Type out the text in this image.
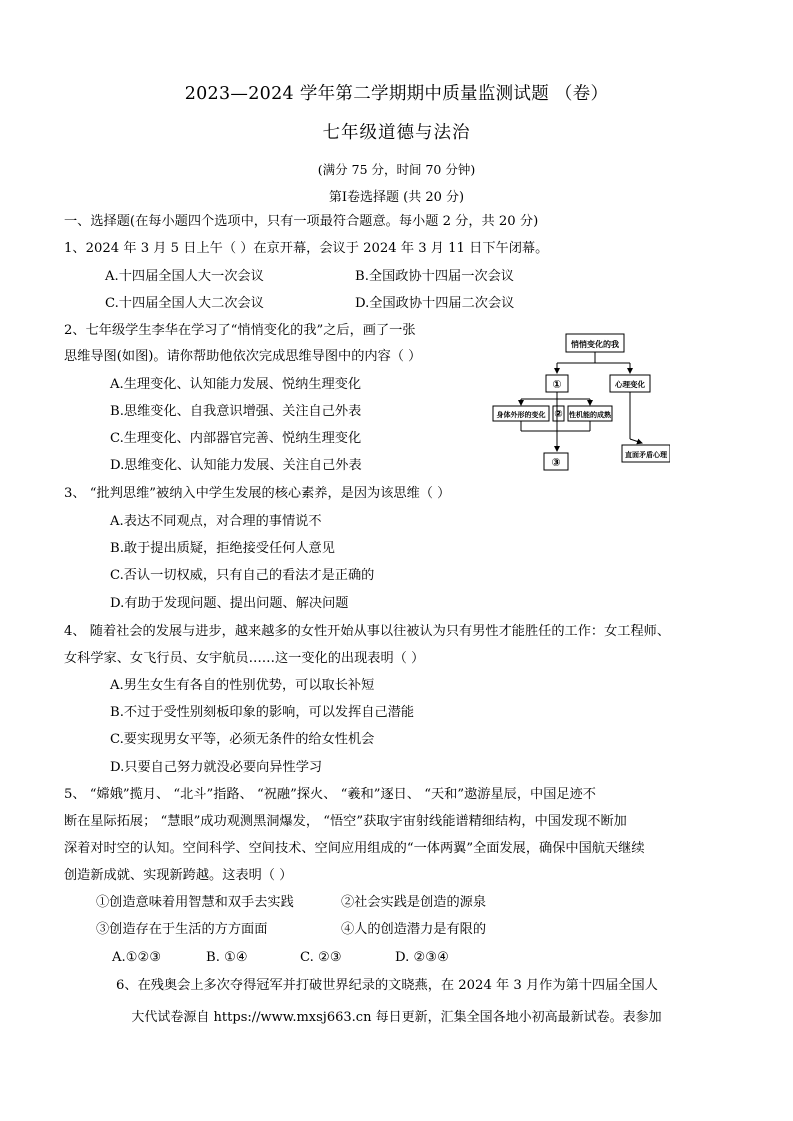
2023—2024 学年第二学期期中质量监测试题 （卷）
七年级道德与法治
(满分 75 分，时间 70 分钟)
第Ⅰ卷选择题 (共 20 分)
一、选择题(在每小题四个选项中，只有一项最符合题意。每小题 2 分，共 20 分)
1、2024 年 3 月 5 日上午（ ）在京开幕，会议于 2024 年 3 月 11 日下午闭幕。
A.十四届全国人大一次会议	B.全国政协十四届一次会议
C.十四届全国人大二次会议	D.全国政协十四届二次会议
2、七年级学生李华在学习了“悄悄变化的我”之后，画了一张
思维导图(如图)。请你帮助他依次完成思维导图中的内容（ ）
A.生理变化、认知能力发展、悦纳生理变化
B.思维变化、自我意识增强、关注自己外表
C.生理变化、内部器官完善、悦纳生理变化
D.思维变化、认知能力发展、关注自己外表
悄悄变化的我
①	心理变化
身体外形的变化 ② 性机能的成熟
③
直面矛盾心理
3、 “批判思维”被纳入中学生发展的核心素养，是因为该思维（ ）
A.表达不同观点，对合理的事情说不
B.敢于提出质疑，拒绝接受任何人意见
C.否认一切权威，只有自己的看法才是正确的
D.有助于发现问题、提出问题、解决问题
4、 随着社会的发展与进步，越来越多的女性开始从事以往被认为只有男性才能胜任的工作：女工程师、
女科学家、女飞行员、女宇航员……这一变化的出现表明（ ）
A.男生女生有各自的性别优势，可以取长补短
B.不过于受性别刻板印象的影响，可以发挥自己潜能
C.要实现男女平等，必须无条件的给女性机会
D.只要自己努力就没必要向异性学习
5、 “嫦娥”揽月、 “北斗”指路、 “祝融”探火、 “羲和”逐日、 “天和”遨游星辰，中国足迹不
断在星际拓展； “慧眼”成功观测黑洞爆发， “悟空”获取宇宙射线能谱精细结构，中国发现不断加
深着对时空的认知。空间科学、空间技术、空间应用组成的“一体两翼”全面发展，确保中国航天继续
创造新成就、实现新跨越。这表明（ ）
①创造意味着用智慧和双手去实践	②社会实践是创造的源泉
③创造存在于生活的方方面面	④人的创造潜力是有限的
A.①②③	B. ①④	C. ②③	D. ②③④
6、在残奥会上多次夺得冠军并打破世界纪录的文晓燕，在 2024 年 3 月作为第十四届全国人
大代试卷源自 https://www.mxsj663.cn 每日更新，汇集全国各地小初高最新试卷。表参加
